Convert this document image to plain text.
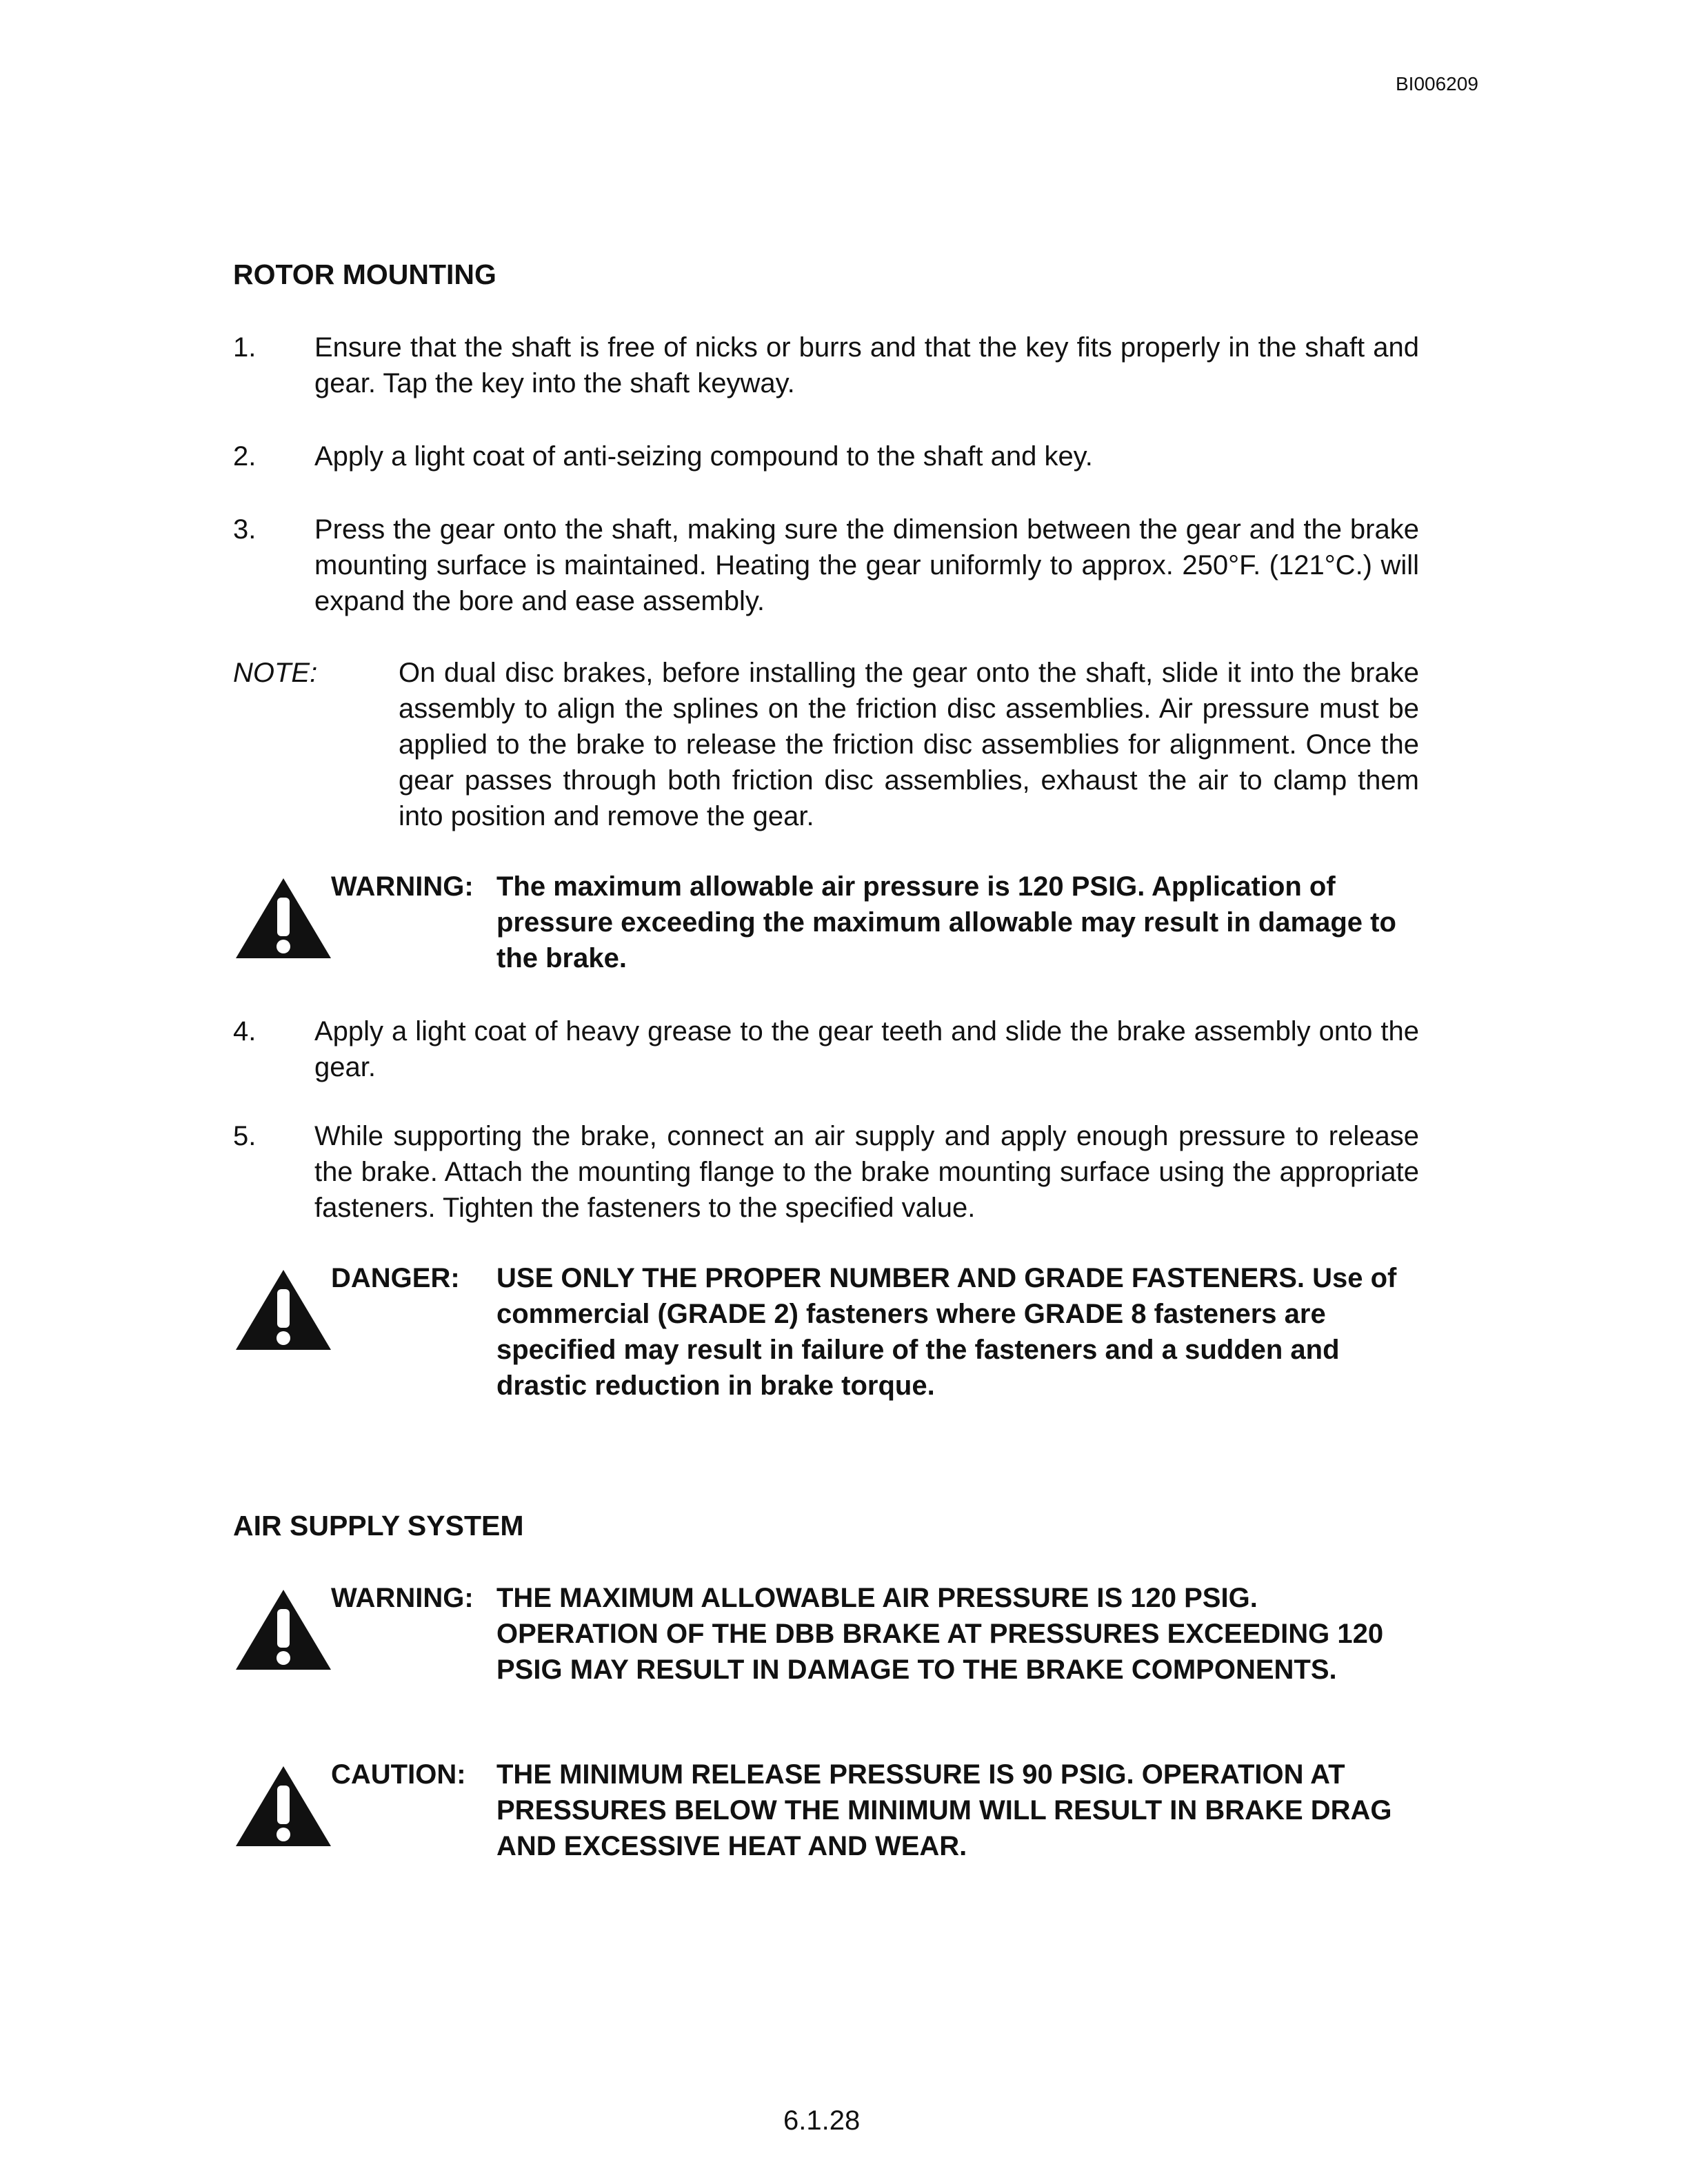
BI006209
ROTOR MOUNTING
1. Ensure that the shaft is free of nicks or burrs and that the key fits properly in the shaft and gear. Tap the key into the shaft keyway.
2. Apply a light coat of anti-seizing compound to the shaft and key.
3. Press the gear onto the shaft, making sure the dimension between the gear and the brake mounting surface is maintained. Heating the gear uniformly to approx. 250°F. (121°C.) will expand the bore and ease assembly.
NOTE:	On dual disc brakes, before installing the gear onto the shaft, slide it into the brake assembly to align the splines on the friction disc assemblies. Air pressure must be applied to the brake to release the friction disc assemblies for alignment. Once the gear passes through both friction disc assemblies, exhaust the air to clamp them into position and remove the gear.
WARNING: The maximum allowable air pressure is 120 PSIG. Application of pressure exceeding the maximum allowable may result in damage to the brake.
4. Apply a light coat of heavy grease to the gear teeth and slide the brake assembly onto the gear.
5. While supporting the brake, connect an air supply and apply enough pressure to release the brake. Attach the mounting flange to the brake mounting surface using the appropriate fasteners. Tighten the fasteners to the specified value.
DANGER: USE ONLY THE PROPER NUMBER AND GRADE FASTENERS. Use of commercial (GRADE 2) fasteners where GRADE 8 fasteners are specified may result in failure of the fasteners and a sudden and drastic reduction in brake torque.
AIR SUPPLY SYSTEM
WARNING: THE MAXIMUM ALLOWABLE AIR PRESSURE IS 120 PSIG. OPERATION OF THE DBB BRAKE AT PRESSURES EXCEEDING 120 PSIG MAY RESULT IN DAMAGE TO THE BRAKE COMPONENTS.
CAUTION: THE MINIMUM RELEASE PRESSURE IS 90 PSIG. OPERATION AT PRESSURES BELOW THE MINIMUM WILL RESULT IN BRAKE DRAG AND EXCESSIVE HEAT AND WEAR.
6.1.28
